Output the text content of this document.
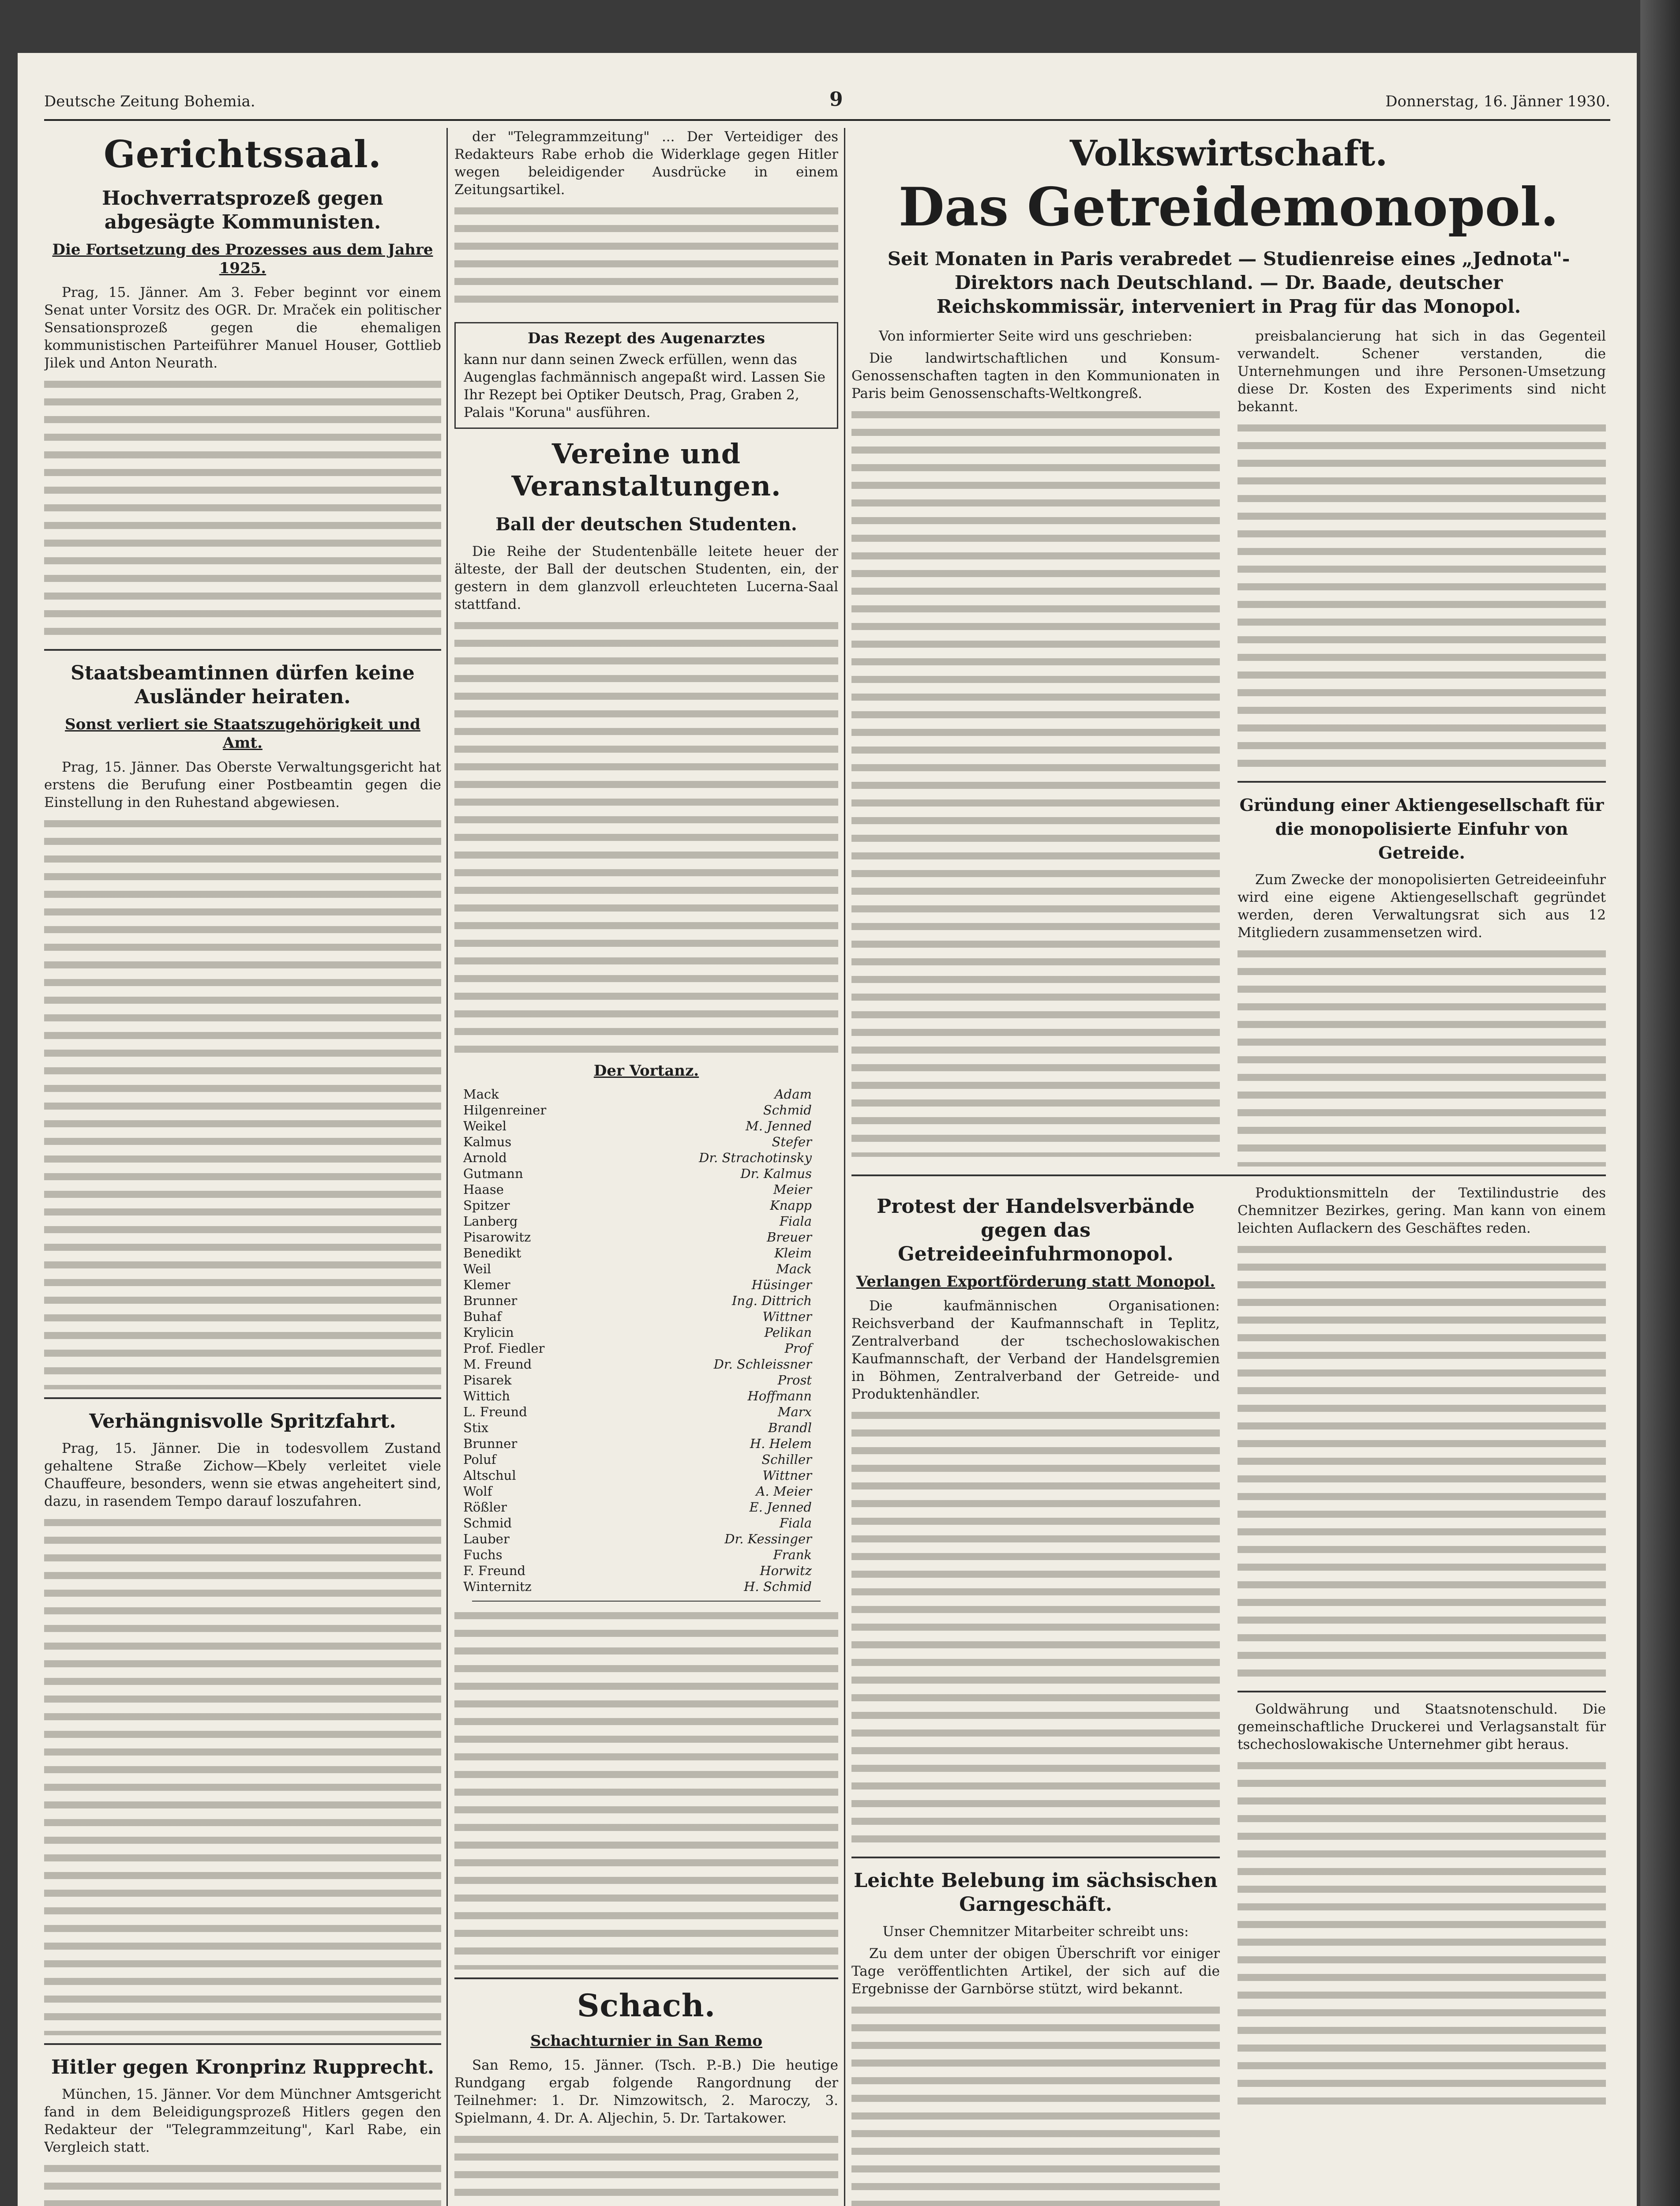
Deutsche Zeitung Bohemia.	9	Donnerstag, 16. Jänner 1930.
Gerichtssaal.
Hochverratsprozeß gegen abgesägte Kommunisten.
Die Fortsetzung des Prozesses aus dem Jahre 1925.

Prag, 15. Jänner. Am 3. Feber beginnt vor einem Senat unter Vorsitz des OGR. Dr. Mraček ein politischer Sensationsprozeß gegen die ehemaligen kommunistischen Parteiführer Manuel Houser, Gottlieb Jilek und Anton Neurath.

Staatsbeamtinnen dürfen keine Ausländer heiraten.
Sonst verliert sie Staatszugehörigkeit und Amt.

Prag, 15. Jänner. Das Oberste Verwaltungsgericht hat erstens die Berufung einer Postbeamtin gegen die Einstellung in den Ruhestand abgewiesen.

Verhängnisvolle Spritzfahrt.

Prag, 15. Jänner. Die in todesvollem Zustand gehaltene Straße Zichow—Kbely verleitet viele Chauffeure, besonders, wenn sie etwas angeheitert sind, dazu, in rasendem Tempo darauf loszufahren.

Hitler gegen Kronprinz Rupprecht.

München, 15. Jänner. Vor dem Münchner Amtsgericht fand in dem Beleidigungsprozeß Hitlers gegen den Redakteur der "Telegrammzeitung", Karl Rabe, ein Vergleich statt.

der "Telegrammzeitung" ... Der Verteidiger des Redakteurs Rabe erhob die Widerklage gegen Hitler wegen beleidigender Ausdrücke in einem Zeitungsartikel.

Das Rezept des Augenarztes
kann nur dann seinen Zweck erfüllen, wenn das Augenglas fachmännisch angepaßt wird. Lassen Sie Ihr Rezept bei Optiker Deutsch, Prag, Graben 2, Palais "Koruna" ausführen.
Vereine und Veranstaltungen.
Ball der deutschen Studenten.

Die Reihe der Studentenbälle leitete heuer der älteste, der Ball der deutschen Studenten, ein, der gestern in dem glanzvoll erleuchteten Lucerna-Saal stattfand.

Der Vortanz.
Mack	Adam
Hilgenreiner	Schmid
Weikel	M. Jenned
Kalmus	Stefer
Arnold	Dr. Strachotinsky
Gutmann	Dr. Kalmus
Haase	Meier
Spitzer	Knapp
Lanberg	Fiala
Pisarowitz	Breuer
Benedikt	Kleim
Weil	Mack
Klemer	Hüsinger
Brunner	Ing. Dittrich
Buhaf	Wittner
Krylicin	Pelikan
Prof. Fiedler	Prof
M. Freund	Dr. Schleissner
Pisarek	Prost
Wittich	Hoffmann
L. Freund	Marx
Stix	Brandl
Brunner	H. Helem
Poluf	Schiller
Altschul	Wittner
Wolf	A. Meier
Rößler	E. Jenned
Schmid	Fiala
Lauber	Dr. Kessinger
Fuchs	Frank
F. Freund	Horwitz
Winternitz	H. Schmid

Schach.
Schachturnier in San Remo

San Remo, 15. Jänner. (Tsch. P.-B.) Die heutige Rundgang ergab folgende Rangordnung der Teilnehmer: 1. Dr. Nimzowitsch, 2. Maroczy, 3. Spielmann, 4. Dr. A. Aljechin, 5. Dr. Tartakower.

Volkswirtschaft.
Das Getreidemonopol.
Seit Monaten in Paris verabredet — Studienreise eines „Jednota"-Direktors nach Deutschland. — Dr. Baade, deutscher Reichskommissär, interveniert in Prag für das Monopol.

Von informierter Seite wird uns geschrieben:

Die landwirtschaftlichen und Konsum-Genossenschaften tagten in den Kommunionaten in Paris beim Genossenschafts-Weltkongreß.

preisbalancierung hat sich in das Gegenteil verwandelt. Schener verstanden, die Unternehmungen und ihre Personen-Umsetzung diese Dr. Kosten des Experiments sind nicht bekannt.

Gründung einer Aktiengesellschaft für die monopolisierte Einfuhr von Getreide.

Zum Zwecke der monopolisierten Getreideeinfuhr wird eine eigene Aktiengesellschaft gegründet werden, deren Verwaltungsrat sich aus 12 Mitgliedern zusammensetzen wird.

Protest der Handelsverbände gegen das Getreideeinfuhrmonopol.
Verlangen Exportförderung statt Monopol.

Die kaufmännischen Organisationen: Reichsverband der Kaufmannschaft in Teplitz, Zentralverband der tschechoslowakischen Kaufmannschaft, der Verband der Handelsgremien in Böhmen, Zentralverband der Getreide- und Produktenhändler.

Leichte Belebung im sächsischen Garngeschäft.

Unser Chemnitzer Mitarbeiter schreibt uns:

Zu dem unter der obigen Überschrift vor einiger Tage veröffentlichten Artikel, der sich auf die Ergebnisse der Garnbörse stützt, wird bekannt.

Produktionsmitteln der Textilindustrie des Chemnitzer Bezirkes, gering. Man kann von einem leichten Auflackern des Geschäftes reden.

Goldwährung und Staatsnotenschuld. Die gemeinschaftliche Druckerei und Verlagsanstalt für tschechoslowakische Unternehmer gibt heraus.
